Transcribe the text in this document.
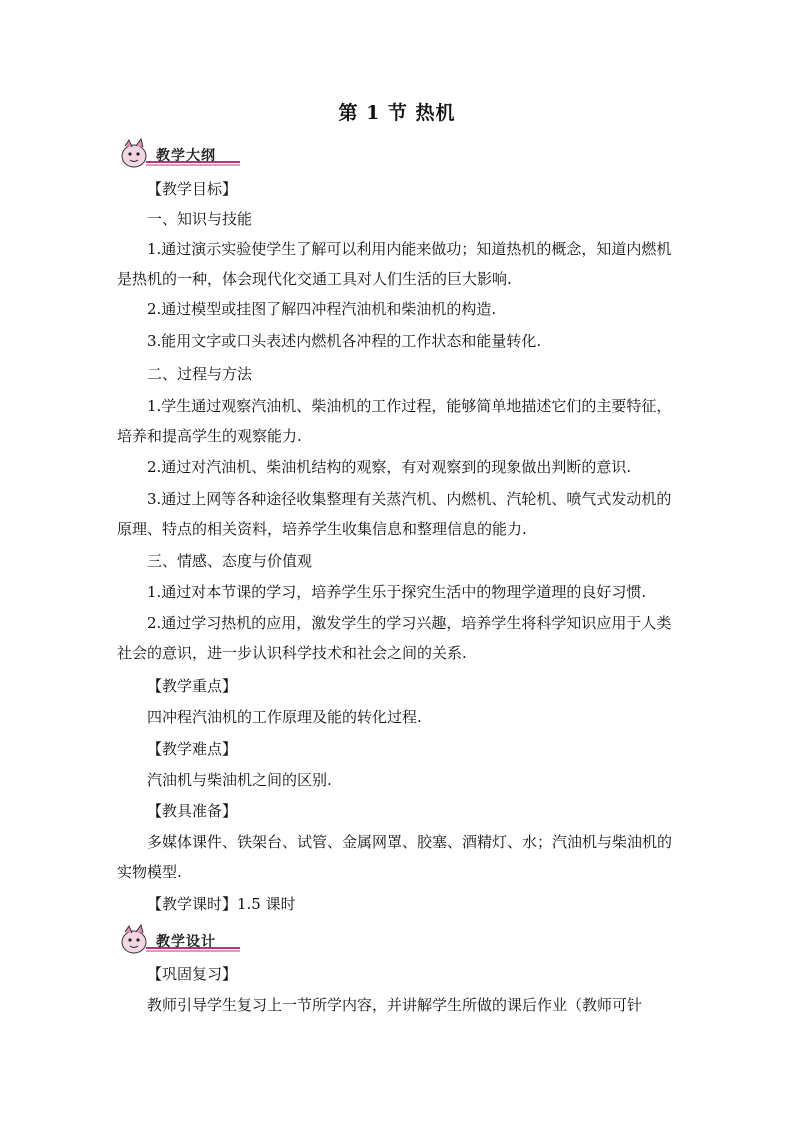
第 1 节 热机
教学大纲

【教学目标】

一、知识与技能

1.通过演示实验使学生了解可以利用内能来做功；知道热机的概念，知道内燃机是热机的一种，体会现代化交通工具对人们生活的巨大影响.

2.通过模型或挂图了解四冲程汽油机和柴油机的构造.

3.能用文字或口头表述内燃机各冲程的工作状态和能量转化.

二、过程与方法

1.学生通过观察汽油机、柴油机的工作过程，能够简单地描述它们的主要特征，培养和提高学生的观察能力.

2.通过对汽油机、柴油机结构的观察，有对观察到的现象做出判断的意识.

3.通过上网等各种途径收集整理有关蒸汽机、内燃机、汽轮机、喷气式发动机的原理、特点的相关资料，培养学生收集信息和整理信息的能力.

三、情感、态度与价值观

1.通过对本节课的学习，培养学生乐于探究生活中的物理学道理的良好习惯.

2.通过学习热机的应用，激发学生的学习兴趣，培养学生将科学知识应用于人类社会的意识，进一步认识科学技术和社会之间的关系.

【教学重点】

四冲程汽油机的工作原理及能的转化过程.

【教学难点】

汽油机与柴油机之间的区别.

【教具准备】

多媒体课件、铁架台、试管、金属网罩、胶塞、酒精灯、水；汽油机与柴油机的实物模型.

【教学课时】1.5 课时

教学设计

【巩固复习】

教师引导学生复习上一节所学内容，并讲解学生所做的课后作业（教师可针
